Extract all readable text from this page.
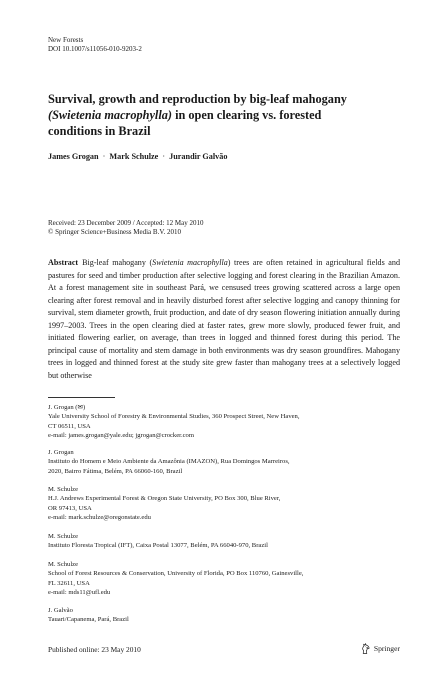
New Forests
DOI 10.1007/s11056-010-9203-2
Survival, growth and reproduction by big-leaf mahogany
(Swietenia macrophylla) in open clearing vs. forested
conditions in Brazil
James Grogan · Mark Schulze · Jurandir Galvão
Received: 23 December 2009 / Accepted: 12 May 2010
© Springer Science+Business Media B.V. 2010

Abstract Big-leaf mahogany (Swietenia macrophylla) trees are often retained in agricultural fields and pastures for seed and timber production after selective logging and forest clearing in the Brazilian Amazon. At a forest management site in southeast Pará, we censused trees growing scattered across a large open clearing after forest removal and in heavily disturbed forest after selective logging and canopy thinning for survival, stem diameter growth, fruit production, and date of dry season flowering initiation annually during 1997–2003. Trees in the open clearing died at faster rates, grew more slowly, produced fewer fruit, and initiated flowering earlier, on average, than trees in logged and thinned forest during this period. The principal cause of mortality and stem damage in both environments was dry season groundfires. Mahogany trees in logged and thinned forest at the study site grew faster than mahogany trees at a selectively logged but otherwise

J. Grogan (✉)
Yale University School of Forestry & Environmental Studies, 360 Prospect Street, New Haven,
CT 06511, USA
e-mail: james.grogan@yale.edu; jgrogan@crocker.com
J. Grogan
Instituto do Homem e Meio Ambiente da Amazônia (IMAZON), Rua Domingos Marreiros,
2020, Bairro Fátima, Belém, PA 66060-160, Brazil
M. Schulze
H.J. Andrews Experimental Forest & Oregon State University, PO Box 300, Blue River,
OR 97413, USA
e-mail: mark.schulze@oregonstate.edu
M. Schulze
Instituto Floresta Tropical (IFT), Caixa Postal 13077, Belém, PA 66040-970, Brazil
M. Schulze
School of Forest Resources & Conservation, University of Florida, PO Box 110760, Gainesville,
FL 32611, USA
e-mail: mds11@ufl.edu
J. Galvão
Tauari/Capanema, Pará, Brazil
Published online: 23 May 2010	Springer
